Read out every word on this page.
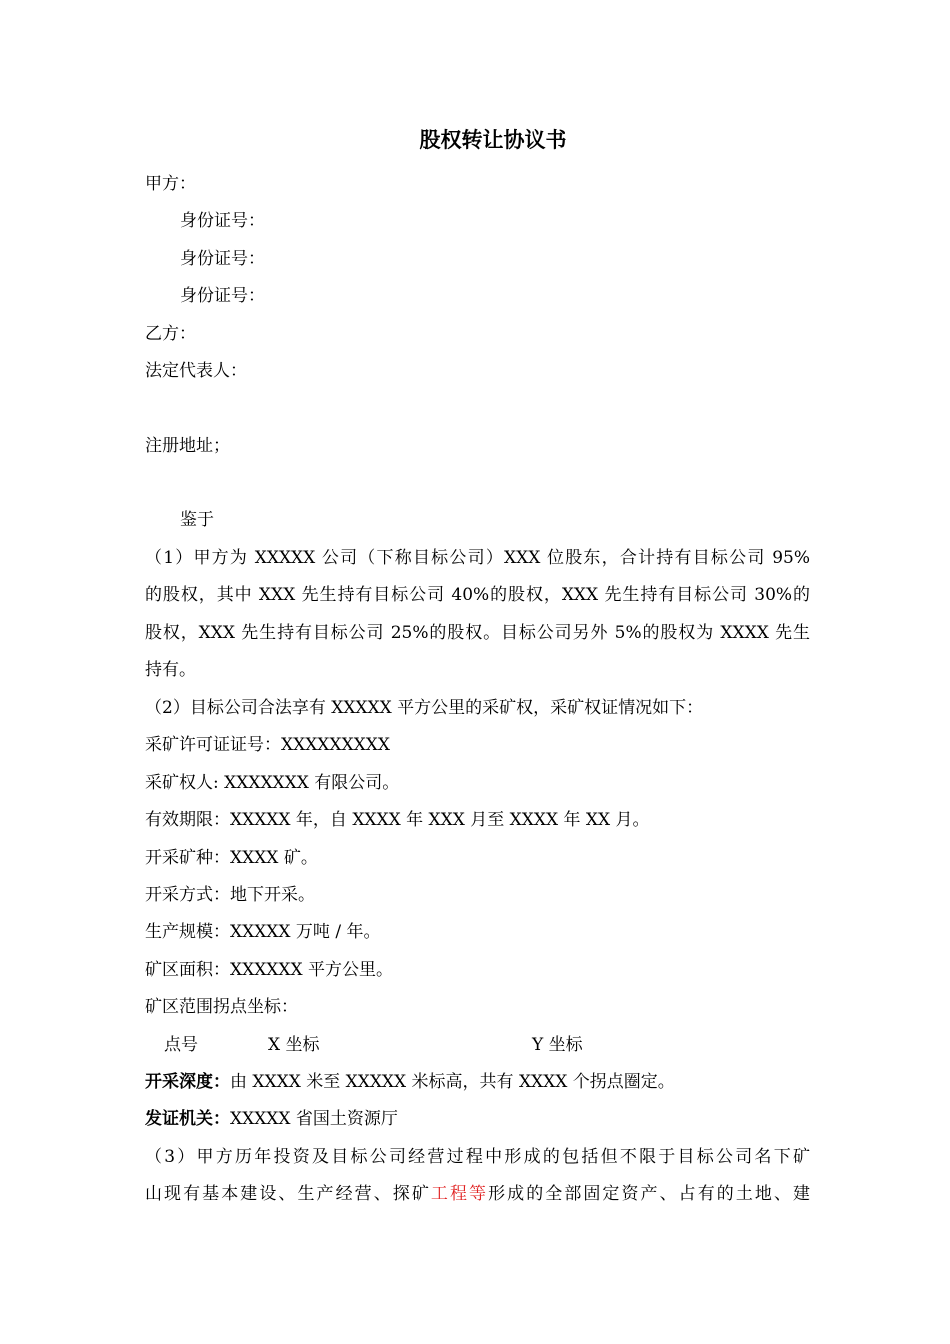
股权转让协议书
甲方：
身份证号：
身份证号：
身份证号：
乙方：
法定代表人：
注册地址；
鉴于
（1）甲方为 XXXXX 公司（下称目标公司）XXX 位股东，合计持有目标公司 95%
的股权，其中 XXX 先生持有目标公司 40%的股权，XXX 先生持有目标公司 30%的
股权，XXX 先生持有目标公司 25%的股权。目标公司另外 5%的股权为 XXXX 先生
持有。
（2）目标公司合法享有 XXXXX 平方公里的采矿权，采矿权证情况如下：
采矿许可证证号：XXXXXXXXX
采矿权人: XXXXXXX 有限公司。
有效期限：XXXXX 年，自 XXXX 年 XXX 月至 XXXX 年 XX 月。
开采矿种：XXXX 矿。
开采方式：地下开采。
生产规模：XXXXX 万吨 / 年。
矿区面积：XXXXXX 平方公里。
矿区范围拐点坐标：
点号	X 坐标	Y 坐标
开采深度：由 XXXX 米至 XXXXX 米标高，共有 XXXX 个拐点圈定。
发证机关：XXXXX 省国土资源厅
（3）甲方历年投资及目标公司经营过程中形成的包括但不限于目标公司名下矿
山现有基本建设、生产经营、探矿工程等形成的全部固定资产、占有的土地、建
